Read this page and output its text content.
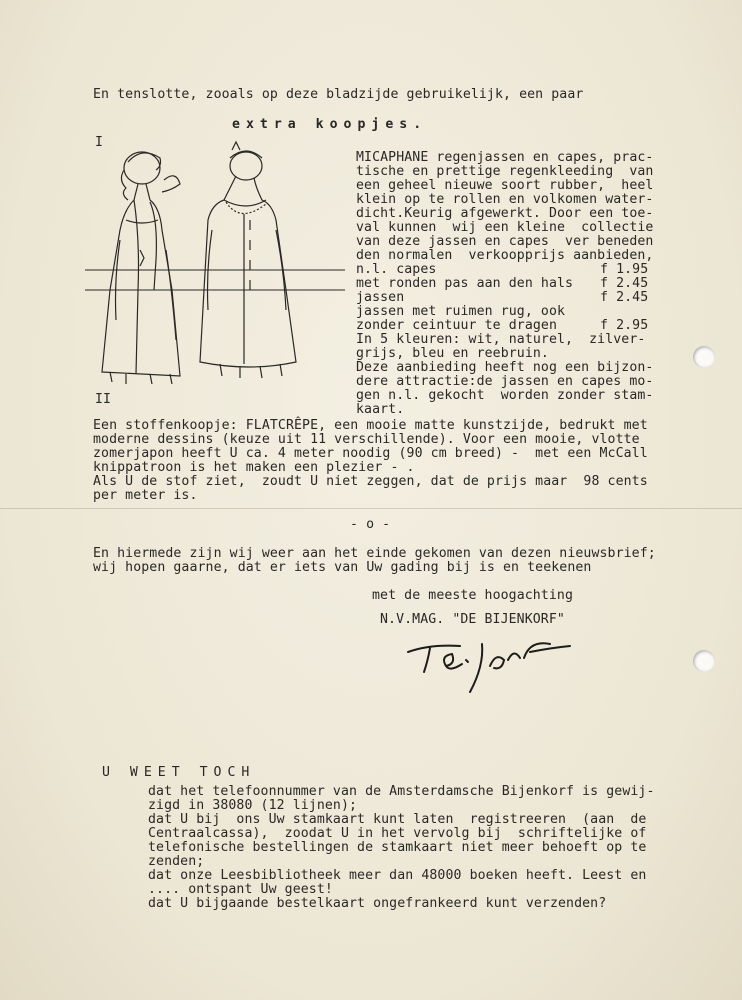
En tenslotte, zooals op deze bladzijde gebruikelijk, een paar
extra koopjes.
I
II
MICAPHANE regenjassen en capes, prac-
tische en prettige regenkleeding  van
een geheel nieuwe soort rubber,  heel
klein op te rollen en volkomen water-
dicht.Keurig afgewerkt. Door een toe-
val kunnen  wij een kleine  collectie
van deze jassen en capes  ver beneden
den normalen  verkoopprijs aanbieden,
n.l. capes	f 1.95
met ronden pas aan den hals f 2.45
jassen	f 2.45
jassen met ruimen rug, ook
zonder ceintuur te dragen	f 2.95
In 5 kleuren: wit, naturel,  zilver-
grijs, bleu en reebruin.
Deze aanbieding heeft nog een bijzon-
dere attractie:de jassen en capes mo-
gen n.l. gekocht  worden zonder stam-
kaart.
Een stoffenkoopje: FLATCRÊPE, een mooie matte kunstzijde, bedrukt met
moderne dessins (keuze uit 11 verschillende). Voor een mooie, vlotte
zomerjapon heeft U ca. 4 meter noodig (90 cm breed) -  met een McCall
knippatroon is het maken een plezier - .
Als U de stof ziet,  zoudt U niet zeggen, dat de prijs maar  98 cents
per meter is.
- o -
En hiermede zijn wij weer aan het einde gekomen van dezen nieuwsbrief;
wij hopen gaarne, dat er iets van Uw gading bij is en teekenen
met de meeste hoogachting
N.V.MAG. "DE BIJENKORF"
U WEET TOCH
dat het telefoonnummer van de Amsterdamsche Bijenkorf is gewij-
zigd in 38080 (12 lijnen);
dat U bij  ons Uw stamkaart kunt laten  registreeren  (aan  de
Centraalcassa),  zoodat U in het vervolg bij  schriftelijke of
telefonische bestellingen de stamkaart niet meer behoeft op te
zenden;
dat onze Leesbibliotheek meer dan 48000 boeken heeft. Leest en
.... ontspant Uw geest!
dat U bijgaande bestelkaart ongefrankeerd kunt verzenden?
